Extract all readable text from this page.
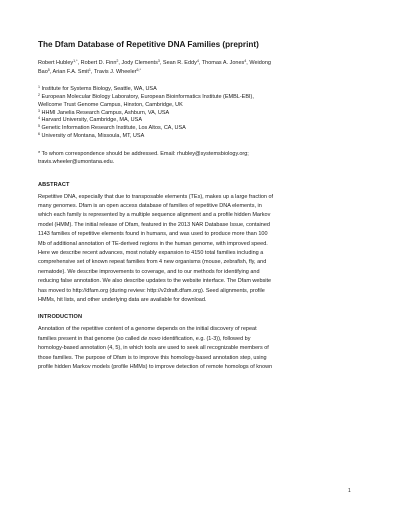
The Dfam Database of Repetitive DNA Families (preprint)
Robert Hubley$^{1,*}$, Robert D. Finn$^2$, Jody Clements$^3$, Sean R. Eddy$^4$, Thomas A. Jones$^4$, Weidong
Bao$^5$, Arian F.A. Smit$^1$, Travis J. Wheeler$^{6,*}$
$^1$ Institute for Systems Biology, Seattle, WA, USA
$^2$ European Molecular Biology Laboratory, European Bioinformatics Institute (EMBL-EBI),
Wellcome Trust Genome Campus, Hinxton, Cambridge, UK
$^3$ HHMI Janelia Research Campus, Ashburn, VA, USA
$^4$ Harvard University, Cambridge, MA, USA
$^5$ Genetic Information Research Institute, Los Altos, CA, USA
$^6$ University of Montana, Missoula, MT, USA
* To whom correspondence should be addressed. Email: rhubley@systemsbiology.org;
travis.wheeler@umontana.edu.
ABSTRACT
Repetitive DNA, especially that due to transposable elements (TEs), makes up a large fraction of
many genomes. Dfam is an open access database of families of repetitive DNA elements, in
which each family is represented by a multiple sequence alignment and a profile hidden Markov
model (HMM). The initial release of Dfam, featured in the 2013 NAR Database Issue, contained
1143 families of repetitive elements found in humans, and was used to produce more than 100
Mb of additional annotation of TE-derived regions in the human genome, with improved speed.
Here we describe recent advances, most notably expansion to 4150 total families including a
comprehensive set of known repeat families from 4 new organisms (mouse, zebrafish, fly, and
nematode). We describe improvements to coverage, and to our methods for identifying and
reducing false annotation. We also describe updates to the website interface. The Dfam website
has moved to http://dfam.org (during review: http://v2draft.dfam.org). Seed alignments, profile
HMMs, hit lists, and other underlying data are available for download.
INTRODUCTION
Annotation of the repetitive content of a genome depends on the initial discovery of repeat
families present in that genome (so called de novo identification, e.g. (1-3)), followed by
homology-based annotation (4, 5), in which tools are used to seek all recognizable members of
those families. The purpose of Dfam is to improve this homology-based annotation step, using
profile hidden Markov models (profile HMMs) to improve detection of remote homologs of known
1
